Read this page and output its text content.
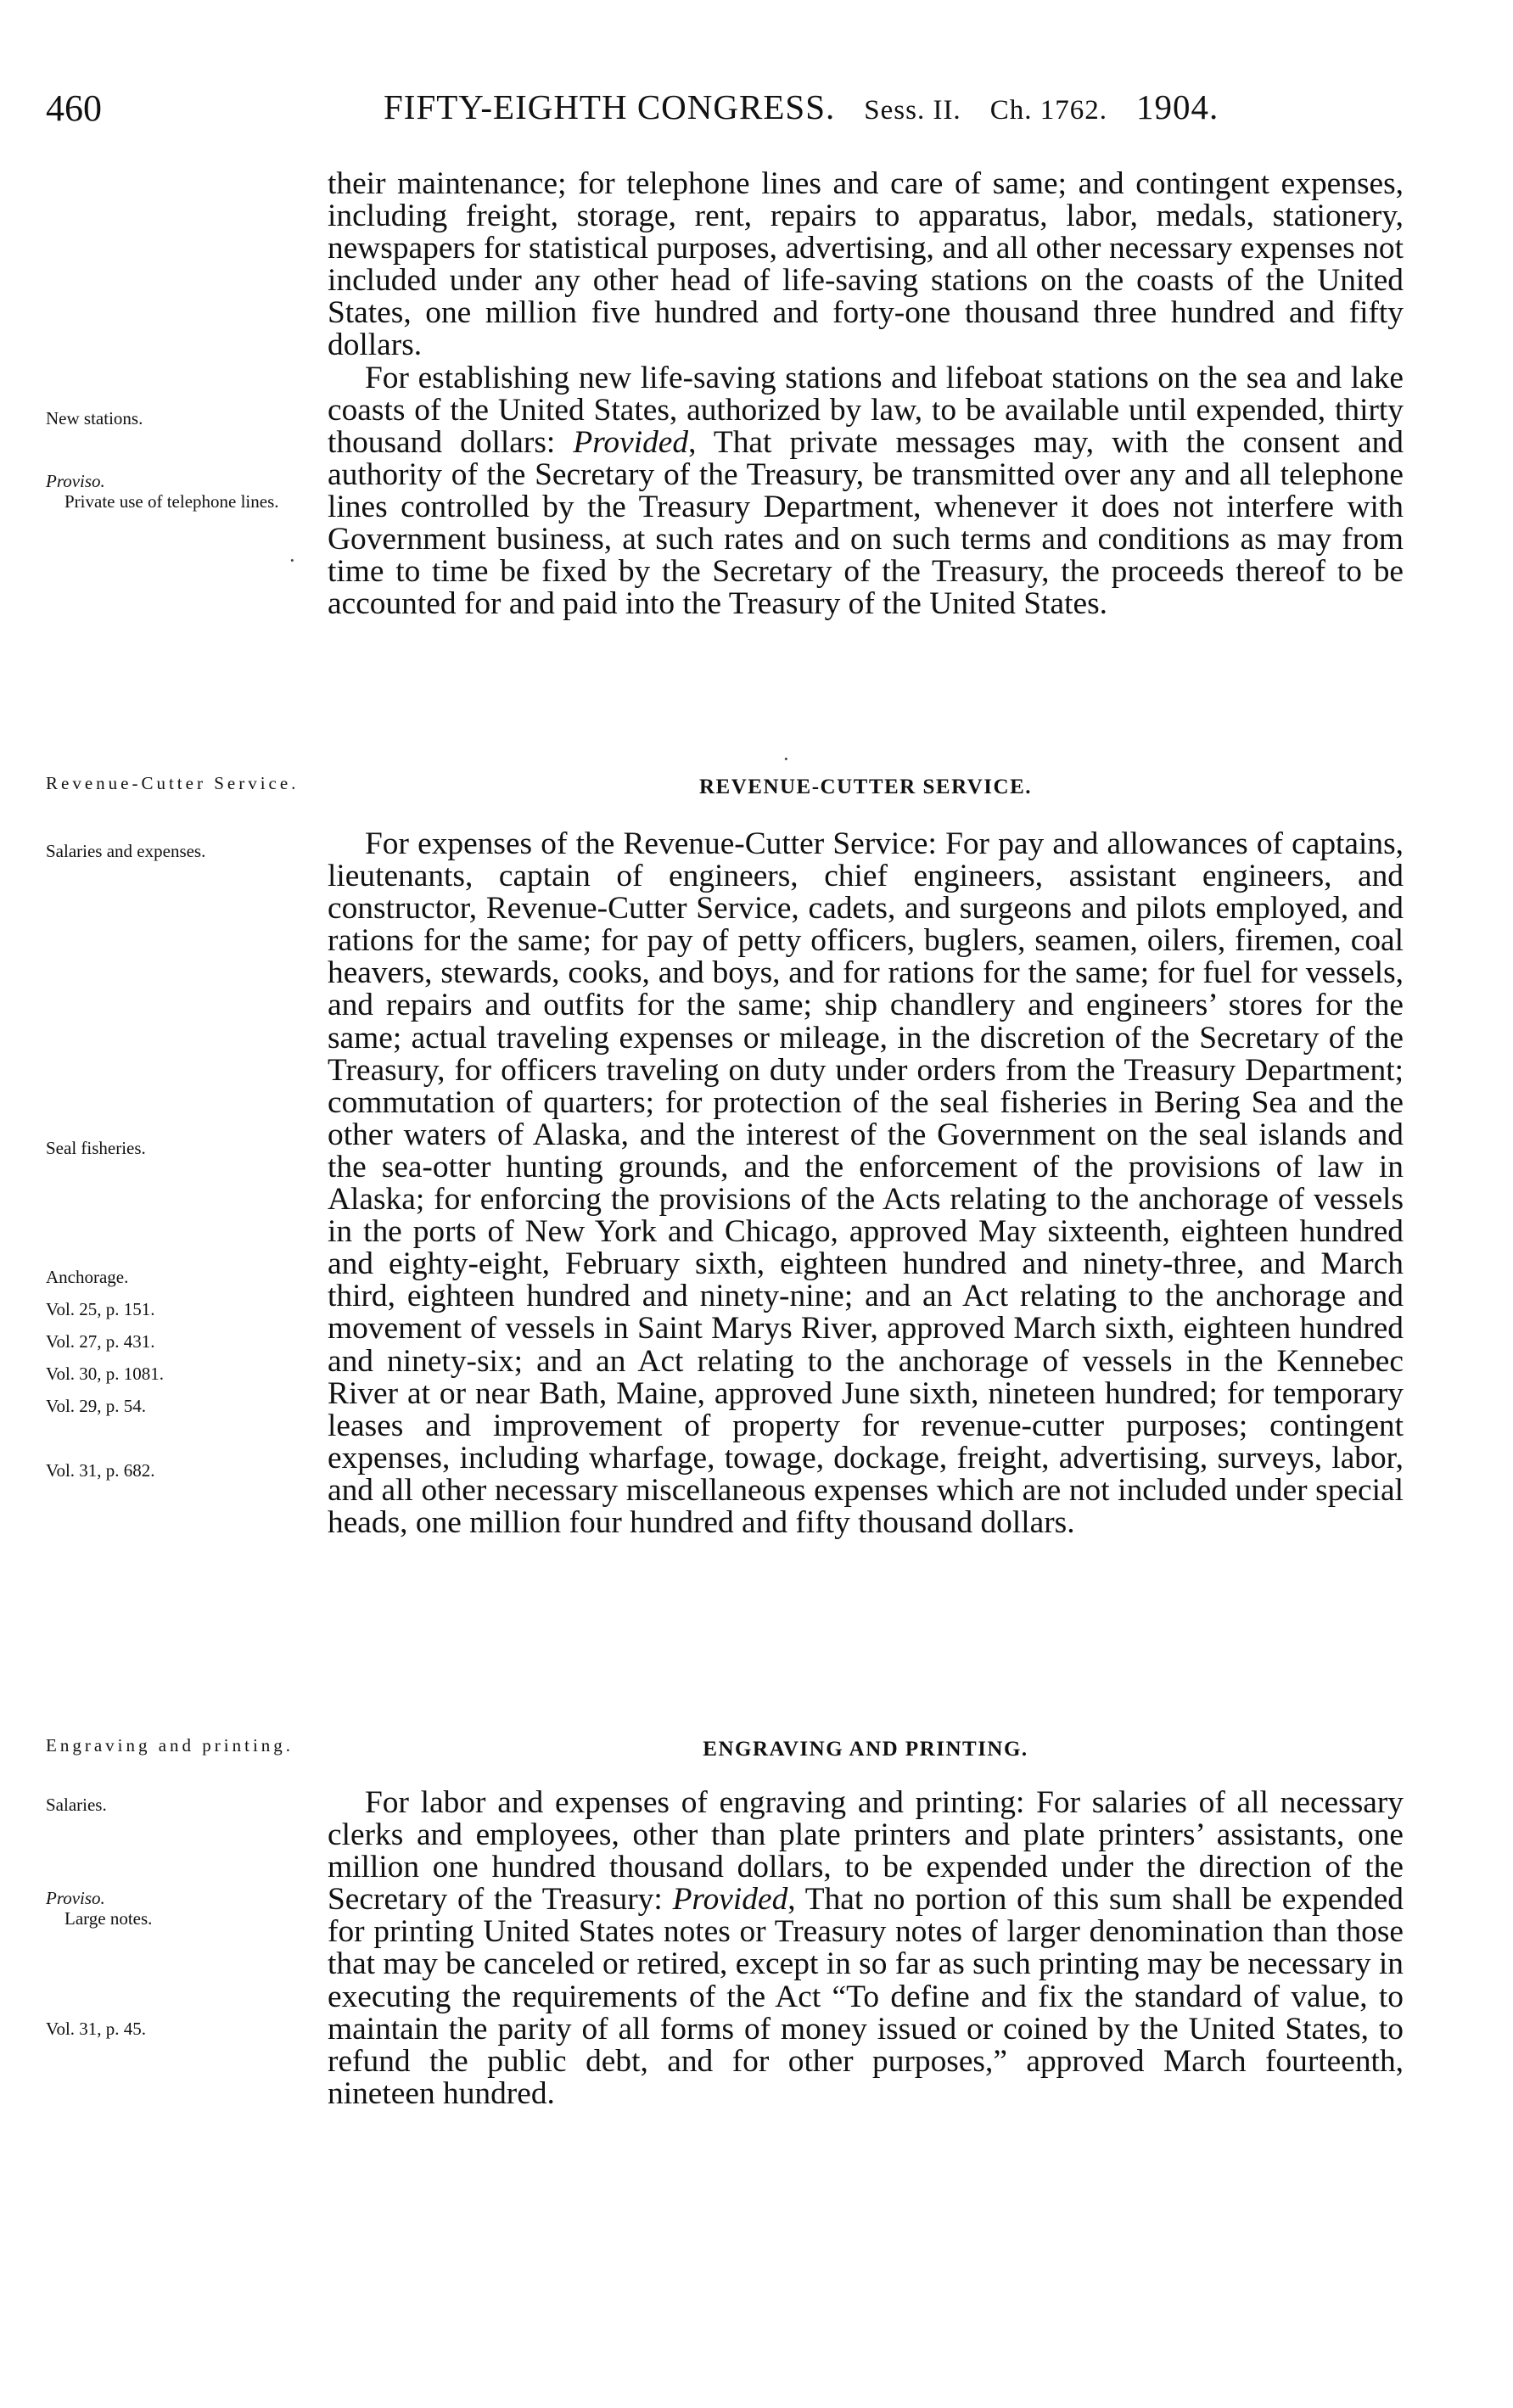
460	FIFTY-EIGHTH CONGRESS. Sess. II. Ch. 1762. 1904.

their maintenance; for telephone lines and care of same; and contingent expenses, including freight, storage, rent, repairs to apparatus, labor, medals, stationery, newspapers for statistical purposes, advertising, and all other necessary expenses not included under any other head of life-saving stations on the coasts of the United States, one million five hundred and forty-one thousand three hundred and fifty dollars.

For establishing new life-saving stations and lifeboat stations on the sea and lake coasts of the United States, authorized by law, to be available until expended, thirty thousand dollars: Provided, That private messages may, with the consent and authority of the Secretary of the Treasury, be transmitted over any and all telephone lines controlled by the Treasury Department, whenever it does not interfere with Government business, at such rates and on such terms and conditions as may from time to time be fixed by the Secretary of the Treasury, the proceeds thereof to be accounted for and paid into the Treasury of the United States.

REVENUE-CUTTER SERVICE.

For expenses of the Revenue-Cutter Service: For pay and allowances of captains, lieutenants, captain of engineers, chief engineers, assistant engineers, and constructor, Revenue-Cutter Service, cadets, and surgeons and pilots employed, and rations for the same; for pay of petty officers, buglers, seamen, oilers, firemen, coal heavers, stewards, cooks, and boys, and for rations for the same; for fuel for vessels, and repairs and outfits for the same; ship chandlery and engineers’ stores for the same; actual traveling expenses or mileage, in the discretion of the Secretary of the Treasury, for officers traveling on duty under orders from the Treasury Department; commutation of quarters; for protection of the seal fisheries in Bering Sea and the other waters of Alaska, and the interest of the Government on the seal islands and the sea-otter hunting grounds, and the enforcement of the provisions of law in Alaska; for enforcing the provisions of the Acts relating to the anchorage of vessels in the ports of New York and Chicago, approved May sixteenth, eighteen hundred and eighty-eight, February sixth, eighteen hundred and ninety-three, and March third, eighteen hundred and ninety-nine; and an Act relating to the anchorage and movement of vessels in Saint Marys River, approved March sixth, eighteen hundred and ninety-six; and an Act relating to the anchorage of vessels in the Kennebec River at or near Bath, Maine, approved June sixth, nineteen hundred; for temporary leases and improvement of property for revenue-cutter purposes; contingent expenses, including wharfage, towage, dockage, freight, advertising, surveys, labor, and all other necessary miscellaneous expenses which are not included under special heads, one million four hundred and fifty thousand dollars.

ENGRAVING AND PRINTING.

For labor and expenses of engraving and printing: For salaries of all necessary clerks and employees, other than plate printers and plate printers’ assistants, one million one hundred thousand dollars, to be expended under the direction of the Secretary of the Treasury: Provided, That no portion of this sum shall be expended for printing United States notes or Treasury notes of larger denomination than those that may be canceled or retired, except in so far as such printing may be necessary in executing the requirements of the Act “To define and fix the standard of value, to maintain the parity of all forms of money issued or coined by the United States, to refund the public debt, and for other purposes,” approved March fourteenth, nineteen hundred.

New stations.
Proviso.
Private use of telephone lines.
Revenue-Cutter Service.
Salaries and expenses.
Seal fisheries.
Anchorage.
Vol. 25, p. 151.
Vol. 27, p. 431.
Vol. 30, p. 1081.
Vol. 29, p. 54.
Vol. 31, p. 682.
Engraving and printing.
Salaries.
Proviso.
Large notes.
Vol. 31, p. 45.
·
·
